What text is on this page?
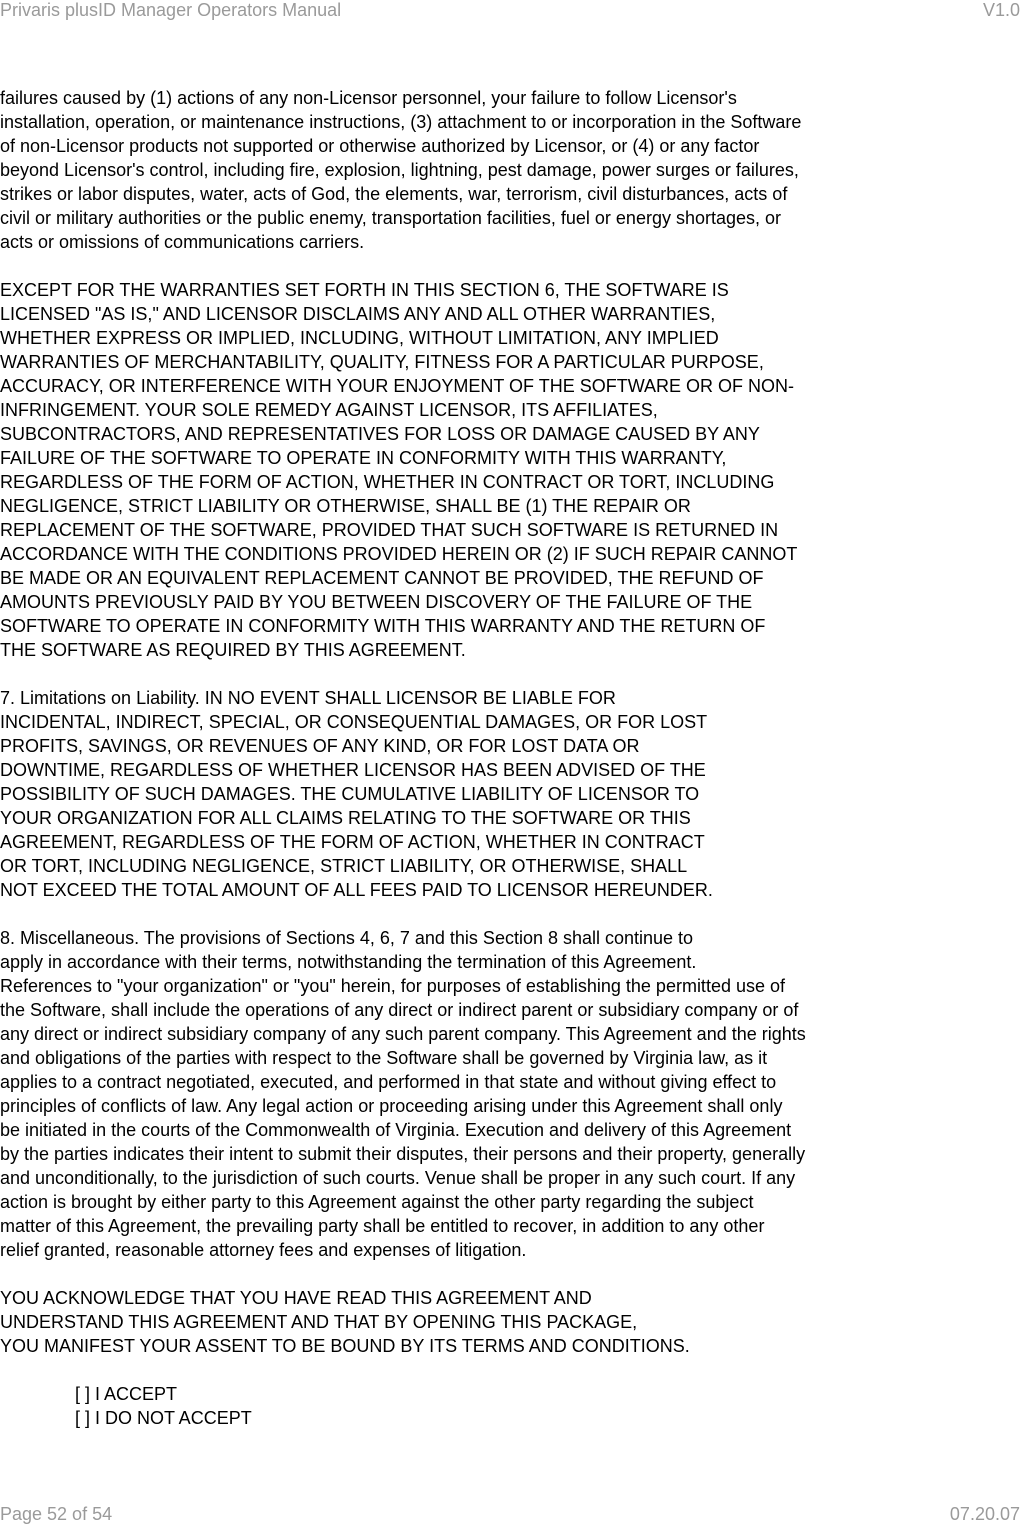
Privaris plusID Manager Operators Manual	V1.0
failures caused by (1) actions of any non-Licensor personnel, your failure to follow Licensor's
installation, operation, or maintenance instructions, (3) attachment to or incorporation in the Software
of non-Licensor products not supported or otherwise authorized by Licensor, or (4) or any factor
beyond Licensor's control, including fire, explosion, lightning, pest damage, power surges or failures,
strikes or labor disputes, water, acts of God, the elements, war, terrorism, civil disturbances, acts of
civil or military authorities or the public enemy, transportation facilities, fuel or energy shortages, or
acts or omissions of communications carriers.
EXCEPT FOR THE WARRANTIES SET FORTH IN THIS SECTION 6, THE SOFTWARE IS
LICENSED "AS IS," AND LICENSOR DISCLAIMS ANY AND ALL OTHER WARRANTIES,
WHETHER EXPRESS OR IMPLIED, INCLUDING, WITHOUT LIMITATION, ANY IMPLIED
WARRANTIES OF MERCHANTABILITY, QUALITY, FITNESS FOR A PARTICULAR PURPOSE,
ACCURACY, OR INTERFERENCE WITH YOUR ENJOYMENT OF THE SOFTWARE OR OF NON-
INFRINGEMENT. YOUR SOLE REMEDY AGAINST LICENSOR, ITS AFFILIATES,
SUBCONTRACTORS, AND REPRESENTATIVES FOR LOSS OR DAMAGE CAUSED BY ANY
FAILURE OF THE SOFTWARE TO OPERATE IN CONFORMITY WITH THIS WARRANTY,
REGARDLESS OF THE FORM OF ACTION, WHETHER IN CONTRACT OR TORT, INCLUDING
NEGLIGENCE, STRICT LIABILITY OR OTHERWISE, SHALL BE (1) THE REPAIR OR
REPLACEMENT OF THE SOFTWARE, PROVIDED THAT SUCH SOFTWARE IS RETURNED IN
ACCORDANCE WITH THE CONDITIONS PROVIDED HEREIN OR (2) IF SUCH REPAIR CANNOT
BE MADE OR AN EQUIVALENT REPLACEMENT CANNOT BE PROVIDED, THE REFUND OF
AMOUNTS PREVIOUSLY PAID BY YOU BETWEEN DISCOVERY OF THE FAILURE OF THE
SOFTWARE TO OPERATE IN CONFORMITY WITH THIS WARRANTY AND THE RETURN OF
THE SOFTWARE AS REQUIRED BY THIS AGREEMENT.
7. Limitations on Liability. IN NO EVENT SHALL LICENSOR BE LIABLE FOR
INCIDENTAL, INDIRECT, SPECIAL, OR CONSEQUENTIAL DAMAGES, OR FOR LOST
PROFITS, SAVINGS, OR REVENUES OF ANY KIND, OR FOR LOST DATA OR
DOWNTIME, REGARDLESS OF WHETHER LICENSOR HAS BEEN ADVISED OF THE
POSSIBILITY OF SUCH DAMAGES. THE CUMULATIVE LIABILITY OF LICENSOR TO
YOUR ORGANIZATION FOR ALL CLAIMS RELATING TO THE SOFTWARE OR THIS
AGREEMENT, REGARDLESS OF THE FORM OF ACTION, WHETHER IN CONTRACT
OR TORT, INCLUDING NEGLIGENCE, STRICT LIABILITY, OR OTHERWISE, SHALL
NOT EXCEED THE TOTAL AMOUNT OF ALL FEES PAID TO LICENSOR HEREUNDER.
8. Miscellaneous. The provisions of Sections 4, 6, 7 and this Section 8 shall continue to
apply in accordance with their terms, notwithstanding the termination of this Agreement.
References to "your organization" or "you" herein, for purposes of establishing the permitted use of
the Software, shall include the operations of any direct or indirect parent or subsidiary company or of
any direct or indirect subsidiary company of any such parent company. This Agreement and the rights
and obligations of the parties with respect to the Software shall be governed by Virginia law, as it
applies to a contract negotiated, executed, and performed in that state and without giving effect to
principles of conflicts of law. Any legal action or proceeding arising under this Agreement shall only
be initiated in the courts of the Commonwealth of Virginia. Execution and delivery of this Agreement
by the parties indicates their intent to submit their disputes, their persons and their property, generally
and unconditionally, to the jurisdiction of such courts. Venue shall be proper in any such court. If any
action is brought by either party to this Agreement against the other party regarding the subject
matter of this Agreement, the prevailing party shall be entitled to recover, in addition to any other
relief granted, reasonable attorney fees and expenses of litigation.
YOU ACKNOWLEDGE THAT YOU HAVE READ THIS AGREEMENT AND
UNDERSTAND THIS AGREEMENT AND THAT BY OPENING THIS PACKAGE,
YOU MANIFEST YOUR ASSENT TO BE BOUND BY ITS TERMS AND CONDITIONS.
[ ] I ACCEPT
[ ] I DO NOT ACCEPT
Page 52 of 54	07.20.07
